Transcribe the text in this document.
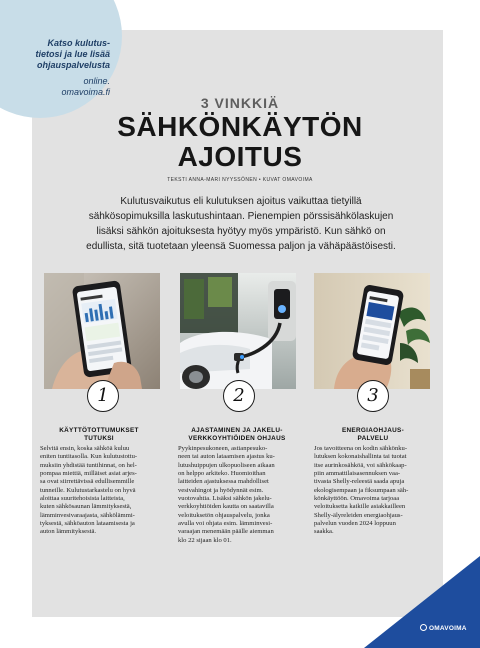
Katso kulutus-
tietosi ja lue lisää
ohjauspalvelusta
online.
omavoima.fi
3 VINKKIÄ
SÄHKÖNKÄYTÖN
AJOITUS
TEKSTI ANNA-MARI NYYSSÖNEN • KUVAT OMAVOIMA
Kulutusvaikutus eli kulutuksen ajoitus vaikuttaa tietyillä
sähkösopimuksilla laskutushintaan. Pienempien pörssisähkölaskujen
lisäksi sähkön ajoituksesta hyötyy myös ympäristö. Kun sähkö on
edullista, sitä tuotetaan yleensä Suomessa paljon ja vähäpäästöisesti.
1	2	3
KÄYTTÖTOTTUMUKSET
TUTUKSI
Selvitä ensin, koska sähköä kuluu
eniten tuntitasolla. Kun kulutustottu-
muksiin yhdistää tuntihinnat, on hel-
pompaa miettiä, milläiset asiat arjes-
sa ovat siirrettävissä edullisemmille
tunneille. Kulutustarkastelu on hyvä
aloittaa suuritehoisista laitteista,
kuten sähkösaunan lämmityksestä,
lämminvesivaraajasta, sähkölämmi-
tyksestä, sähköauton lataamisesta ja
auton lämmityksestä.
AJASTAMINEN JA JAKELU-
VERKKOYHTIÖIDEN OHJAUS
Pyykinpesukoneen, astianpesuko-
neen tai auton lataamisen ajastus ku-
lutushuippujen ulkopuoliseen aikaan
on helppo arkiteko. Huomioithan
laitteiden ajastuksessa mahdolliset
vesivahingot ja hyödynnät esim.
vuotovahtia. Lisäksi sähkön jakelu-
verkkoyhtiöiden kautta on saatavilla
veloituksetön ohjauspalvelu, jonka
avulla voi ohjata esim. lämminvesi-
varaajan menemään päälle aiemman
klo 22 sijaan klo 01.
ENERGIAOHJAUS-
PALVELU
Jos tavoitteena on kodin sähkönku-
lutuksen kokonaishallinta tai tuotat
itse aurinkosähköä, voi sähkökaap-
piin ammattilaisasennuksen vaa-
tivasta Shelly-releestä saada apuja
ekologisempaan ja fiksumpaan säh-
könkäyttöön. Omavoima tarjoaa
veloituksetta kaikille asiakkailleen
Shelly-älyreleiden energiaohjaus-
palvelun vuoden 2024 loppuun
saakka.
OMAVOIMA
